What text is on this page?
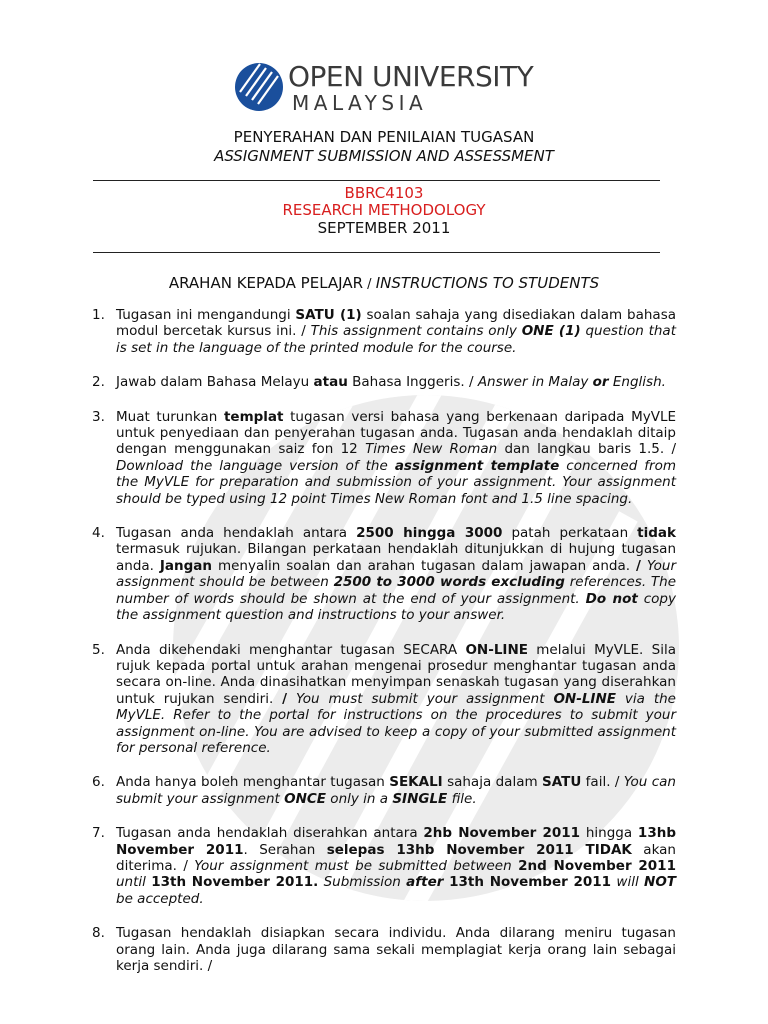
OPEN UNIVERSITY
MALAYSIA
PENYERAHAN DAN PENILAIAN TUGASAN
ASSIGNMENT SUBMISSION AND ASSESSMENT
BBRC4103
RESEARCH METHODOLOGY
SEPTEMBER 2011
ARAHAN KEPADA PELAJAR / INSTRUCTIONS TO STUDENTS
1. Tugasan ini mengandungi SATU (1) soalan sahaja yang disediakan dalam bahasa modul bercetak kursus ini. / This assignment contains only ONE (1) question that is set in the language of the printed module for the course.
2. Jawab dalam Bahasa Melayu atau Bahasa Inggeris. / Answer in Malay or English.
3. Muat turunkan templat tugasan versi bahasa yang berkenaan daripada MyVLE untuk penyediaan dan penyerahan tugasan anda. Tugasan anda hendaklah ditaip dengan menggunakan saiz fon 12 Times New Roman dan langkau baris 1.5. / Download the language version of the assignment template concerned from the MyVLE for preparation and submission of your assignment. Your assignment should be typed using 12 point Times New Roman font and 1.5 line spacing.
4. Tugasan anda hendaklah antara 2500 hingga 3000 patah perkataan tidak termasuk rujukan. Bilangan perkataan hendaklah ditunjukkan di hujung tugasan anda. Jangan menyalin soalan dan arahan tugasan dalam jawapan anda. / Your assignment should be between 2500 to 3000 words excluding references. The number of words should be shown at the end of your assignment. Do not copy the assignment question and instructions to your answer.
5. Anda dikehendaki menghantar tugasan SECARA ON-LINE melalui MyVLE. Sila rujuk kepada portal untuk arahan mengenai prosedur menghantar tugasan anda secara on-line. Anda dinasihatkan menyimpan senaskah tugasan yang diserahkan untuk rujukan sendiri. / You must submit your assignment ON-LINE via the MyVLE. Refer to the portal for instructions on the procedures to submit your assignment on-line. You are advised to keep a copy of your submitted assignment for personal reference.
6. Anda hanya boleh menghantar tugasan SEKALI sahaja dalam SATU fail. / You can submit your assignment ONCE only in a SINGLE file.
7. Tugasan anda hendaklah diserahkan antara 2hb November 2011 hingga 13hb November 2011. Serahan selepas 13hb November 2011 TIDAK akan diterima. / Your assignment must be submitted between 2nd November 2011 until 13th November 2011. Submission after 13th November 2011 will NOT be accepted.
8. Tugasan hendaklah disiapkan secara individu. Anda dilarang meniru tugasan orang lain. Anda juga dilarang sama sekali memplagiat kerja orang lain sebagai kerja sendiri. /
